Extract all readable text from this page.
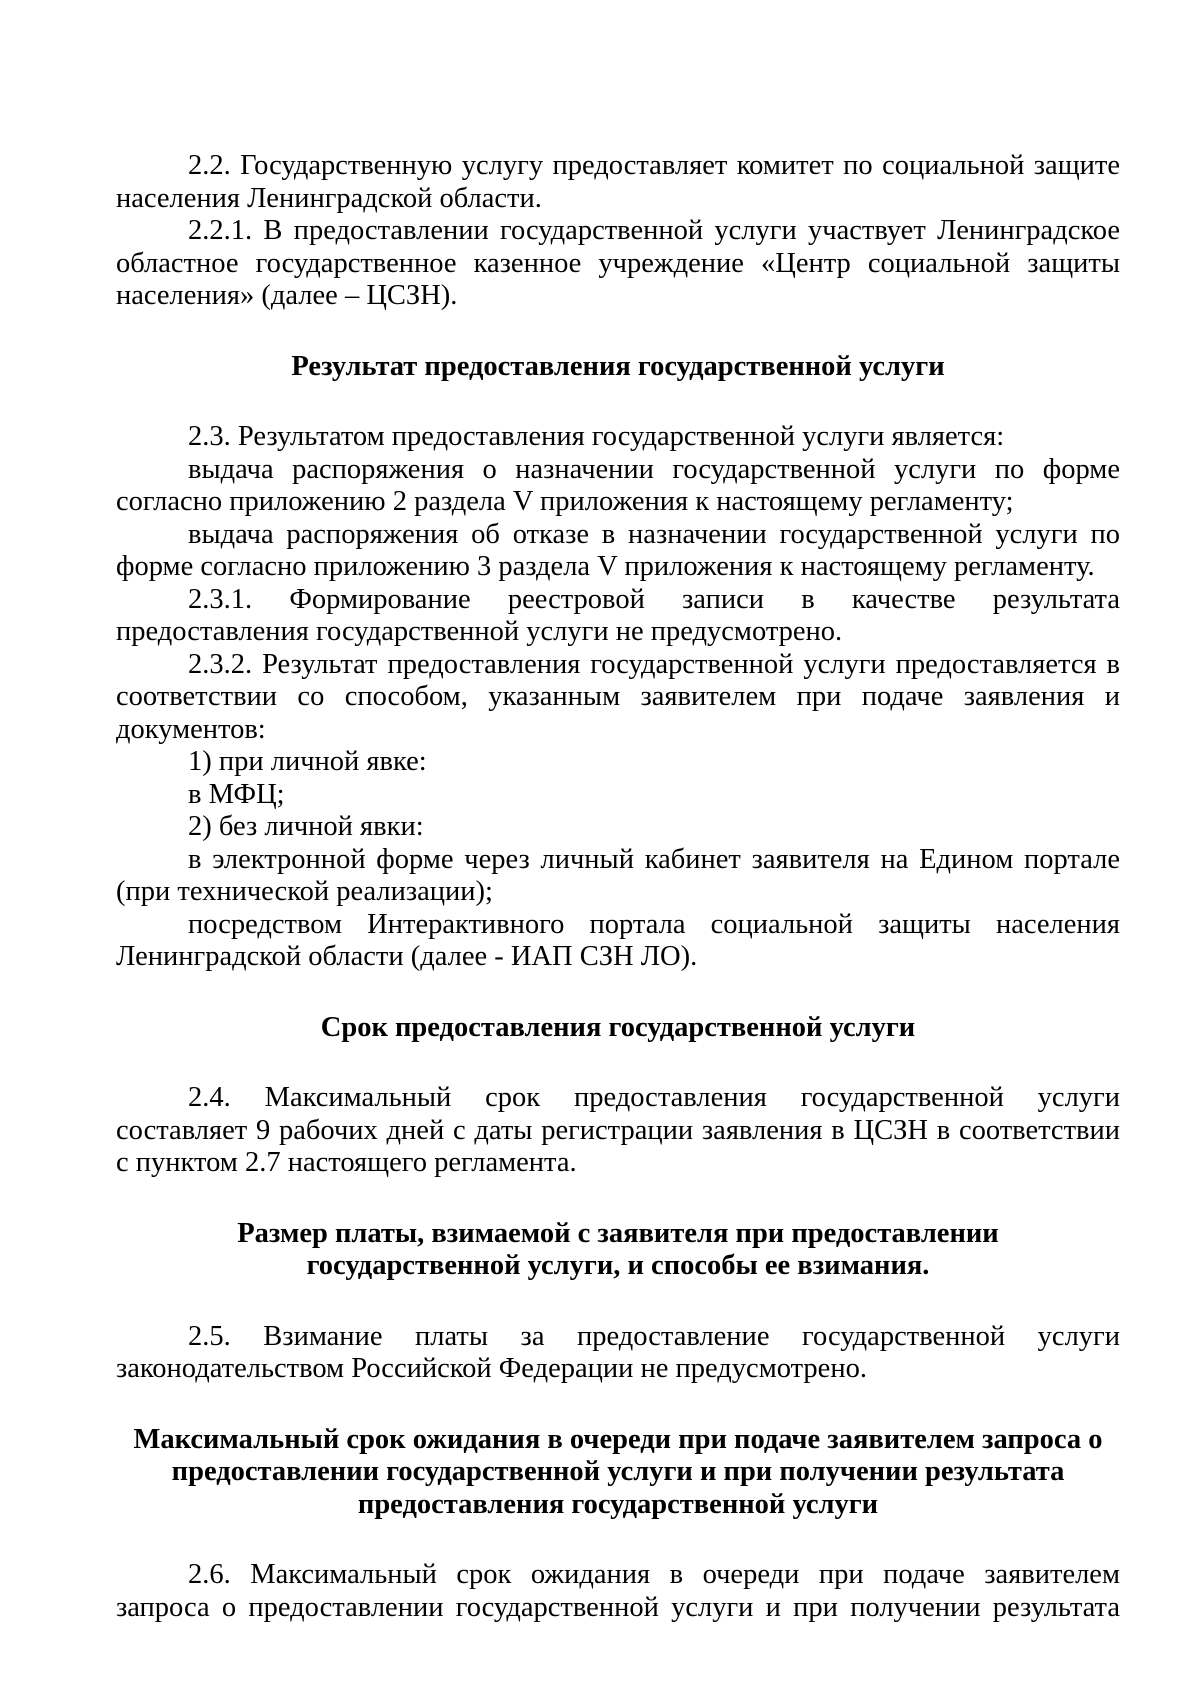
2.2. Государственную услугу предоставляет комитет по социальной защите населения Ленинградской области.

2.2.1. В предоставлении государственной услуги участвует Ленинградское областное государственное казенное учреждение «Центр социальной защиты населения» (далее – ЦСЗН).

Результат предоставления государственной услуги

2.3. Результатом предоставления государственной услуги является:

выдача распоряжения о назначении государственной услуги по форме согласно приложению 2 раздела V приложения к настоящему регламенту;

выдача распоряжения об отказе в назначении государственной услуги по форме согласно приложению 3 раздела V приложения к настоящему регламенту.

2.3.1. Формирование реестровой записи в качестве результата предоставления государственной услуги не предусмотрено.

2.3.2. Результат предоставления государственной услуги предоставляется в соответствии со способом, указанным заявителем при подаче заявления и документов:

1) при личной явке:

в МФЦ;

2) без личной явки:

в электронной форме через личный кабинет заявителя на Едином портале (при технической реализации);

посредством Интерактивного портала социальной защиты населения Ленинградской области (далее - ИАП СЗН ЛО).

Срок предоставления государственной услуги

2.4. Максимальный срок предоставления государственной услуги составляет 9 рабочих дней с даты регистрации заявления в ЦСЗН в соответствии с пунктом 2.7 настоящего регламента.

Размер платы, взимаемой с заявителя при предоставлении
государственной услуги, и способы ее взимания.

2.5. Взимание платы за предоставление государственной услуги законодательством Российской Федерации не предусмотрено.

Максимальный срок ожидания в очереди при подаче заявителем запроса о
предоставлении государственной услуги и при получении результата
предоставления государственной услуги

2.6. Максимальный срок ожидания в очереди при подаче заявителем запроса о предоставлении государственной услуги и при получении результата
